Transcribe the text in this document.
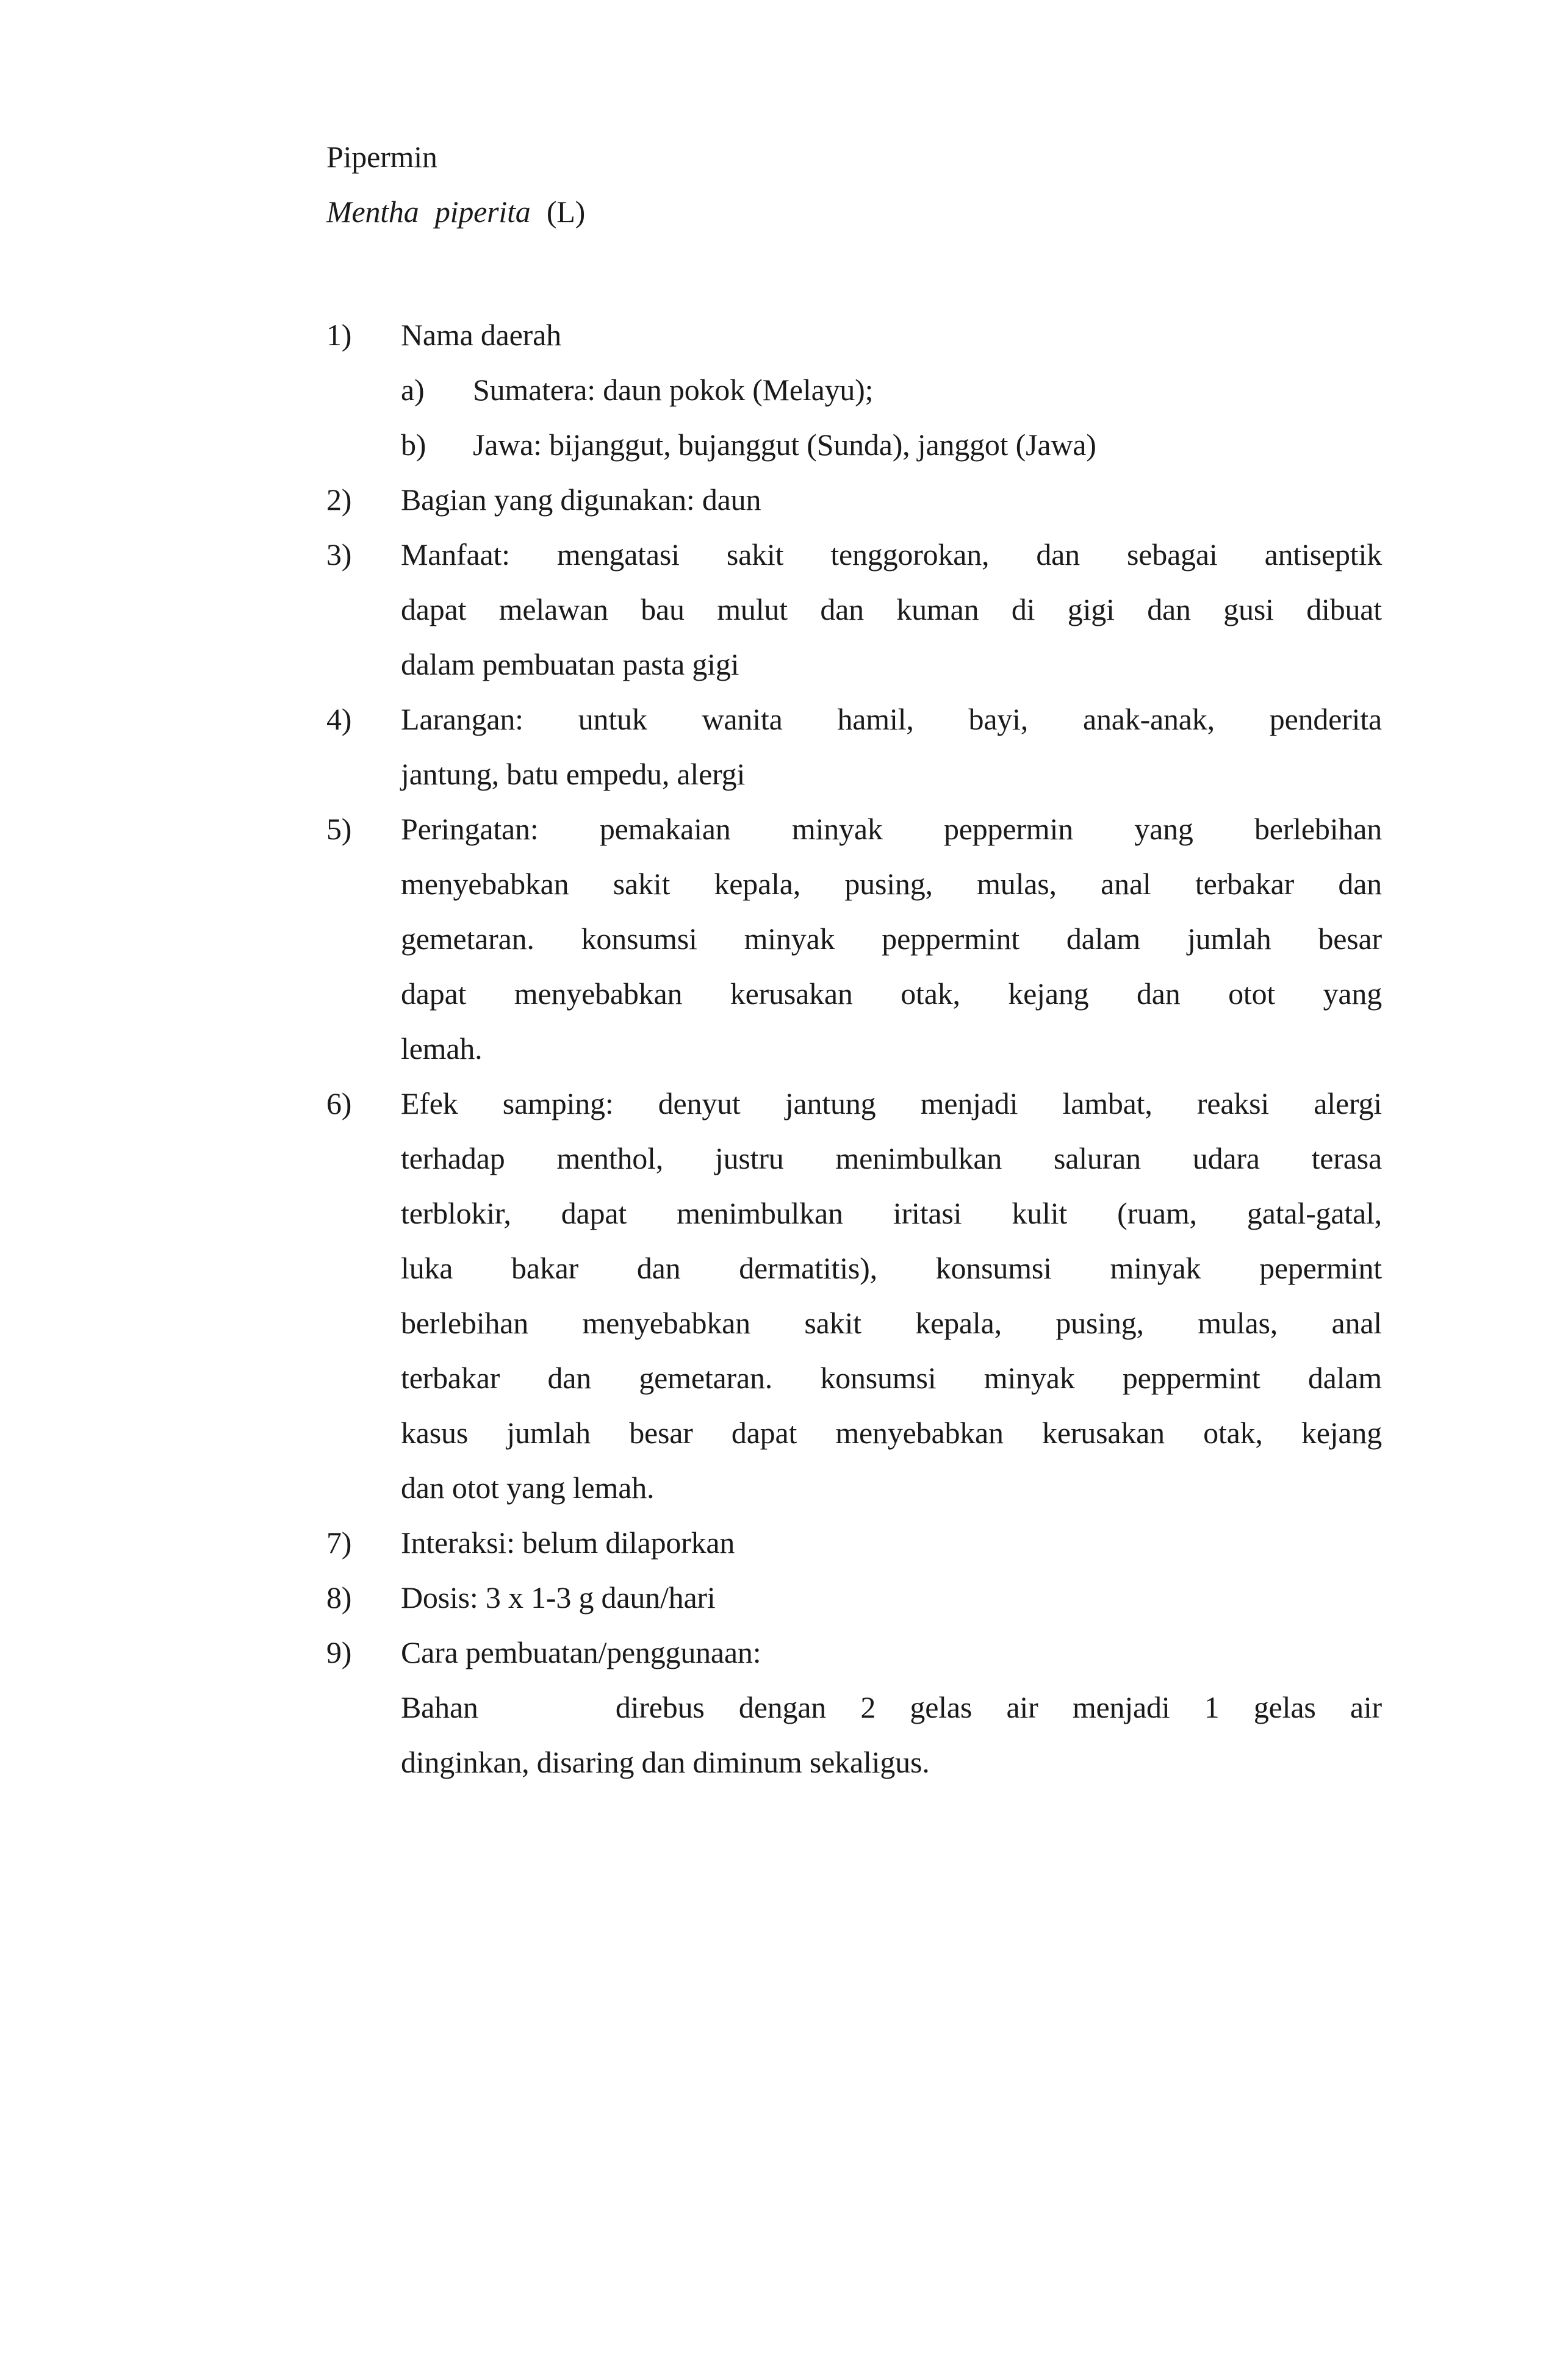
Pipermin
Mentha piperita (L)
1)	Nama daerah
a)	Sumatera: daun pokok (Melayu);
b)	Jawa: bijanggut, bujanggut (Sunda), janggot (Jawa)
2)	Bagian yang digunakan: daun
3)	Manfaat: mengatasi sakit tenggorokan, dan sebagai antiseptik
dapat melawan bau mulut dan kuman di gigi dan gusi dibuat
dalam pembuatan pasta gigi
4)	Larangan: untuk wanita hamil, bayi, anak-anak, penderita
jantung, batu empedu, alergi
5)	Peringatan: pemakaian minyak peppermin yang berlebihan
menyebabkan sakit kepala, pusing, mulas, anal terbakar dan
gemetaran. konsumsi minyak peppermint dalam jumlah besar
dapat menyebabkan kerusakan otak, kejang dan otot yang
lemah.
6)	Efek samping: denyut jantung menjadi lambat, reaksi alergi
terhadap menthol, justru menimbulkan saluran udara terasa
terblokir, dapat menimbulkan iritasi kulit (ruam, gatal-gatal,
luka bakar dan dermatitis), konsumsi minyak pepermint
berlebihan menyebabkan sakit kepala, pusing, mulas, anal
terbakar dan gemetaran. konsumsi minyak peppermint dalam
kasus jumlah besar dapat menyebabkan kerusakan otak, kejang
dan otot yang lemah.
7)	Interaksi: belum dilaporkan
8)	Dosis: 3 x 1-3 g daun/hari
9)	Cara pembuatan/penggunaan:
Bahan    direbus dengan 2 gelas air menjadi 1 gelas air
dinginkan, disaring dan diminum sekaligus.
